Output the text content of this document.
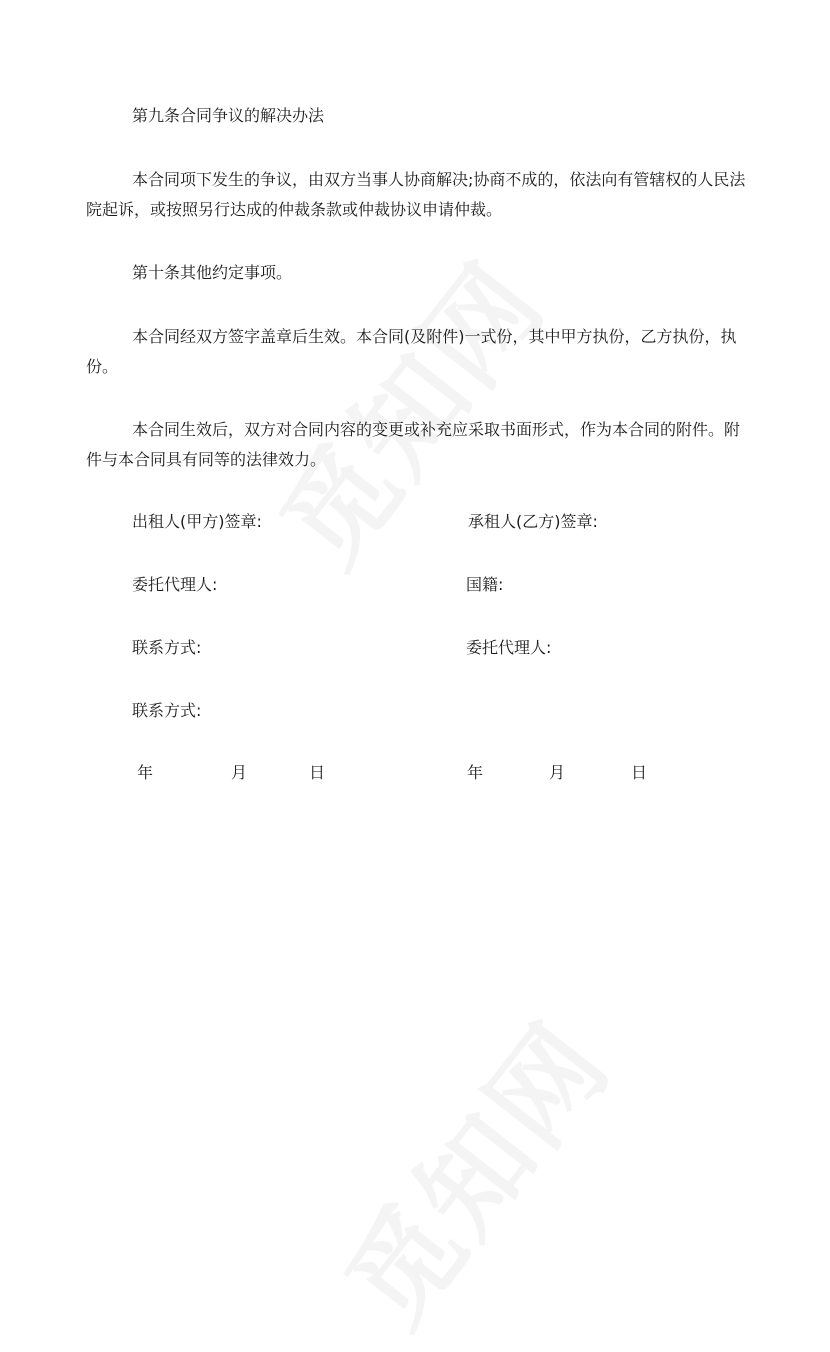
第九条合同争议的解决办法

本合同项下发生的争议，由双方当事人协商解决;协商不成的，依法向有管辖权的人民法院起诉，或按照另行达成的仲裁条款或仲裁协议申请仲裁。

第十条其他约定事项。

本合同经双方签字盖章后生效。本合同(及附件)一式份，其中甲方执份，乙方执份，执份。

本合同生效后，双方对合同内容的变更或补充应采取书面形式，作为本合同的附件。附件与本合同具有同等的法律效力。

出租人(甲方)签章:	承租人(乙方)签章:
委托代理人:	国籍:
联系方式:	委托代理人:
联系方式:
年	月	日	年	月	日
